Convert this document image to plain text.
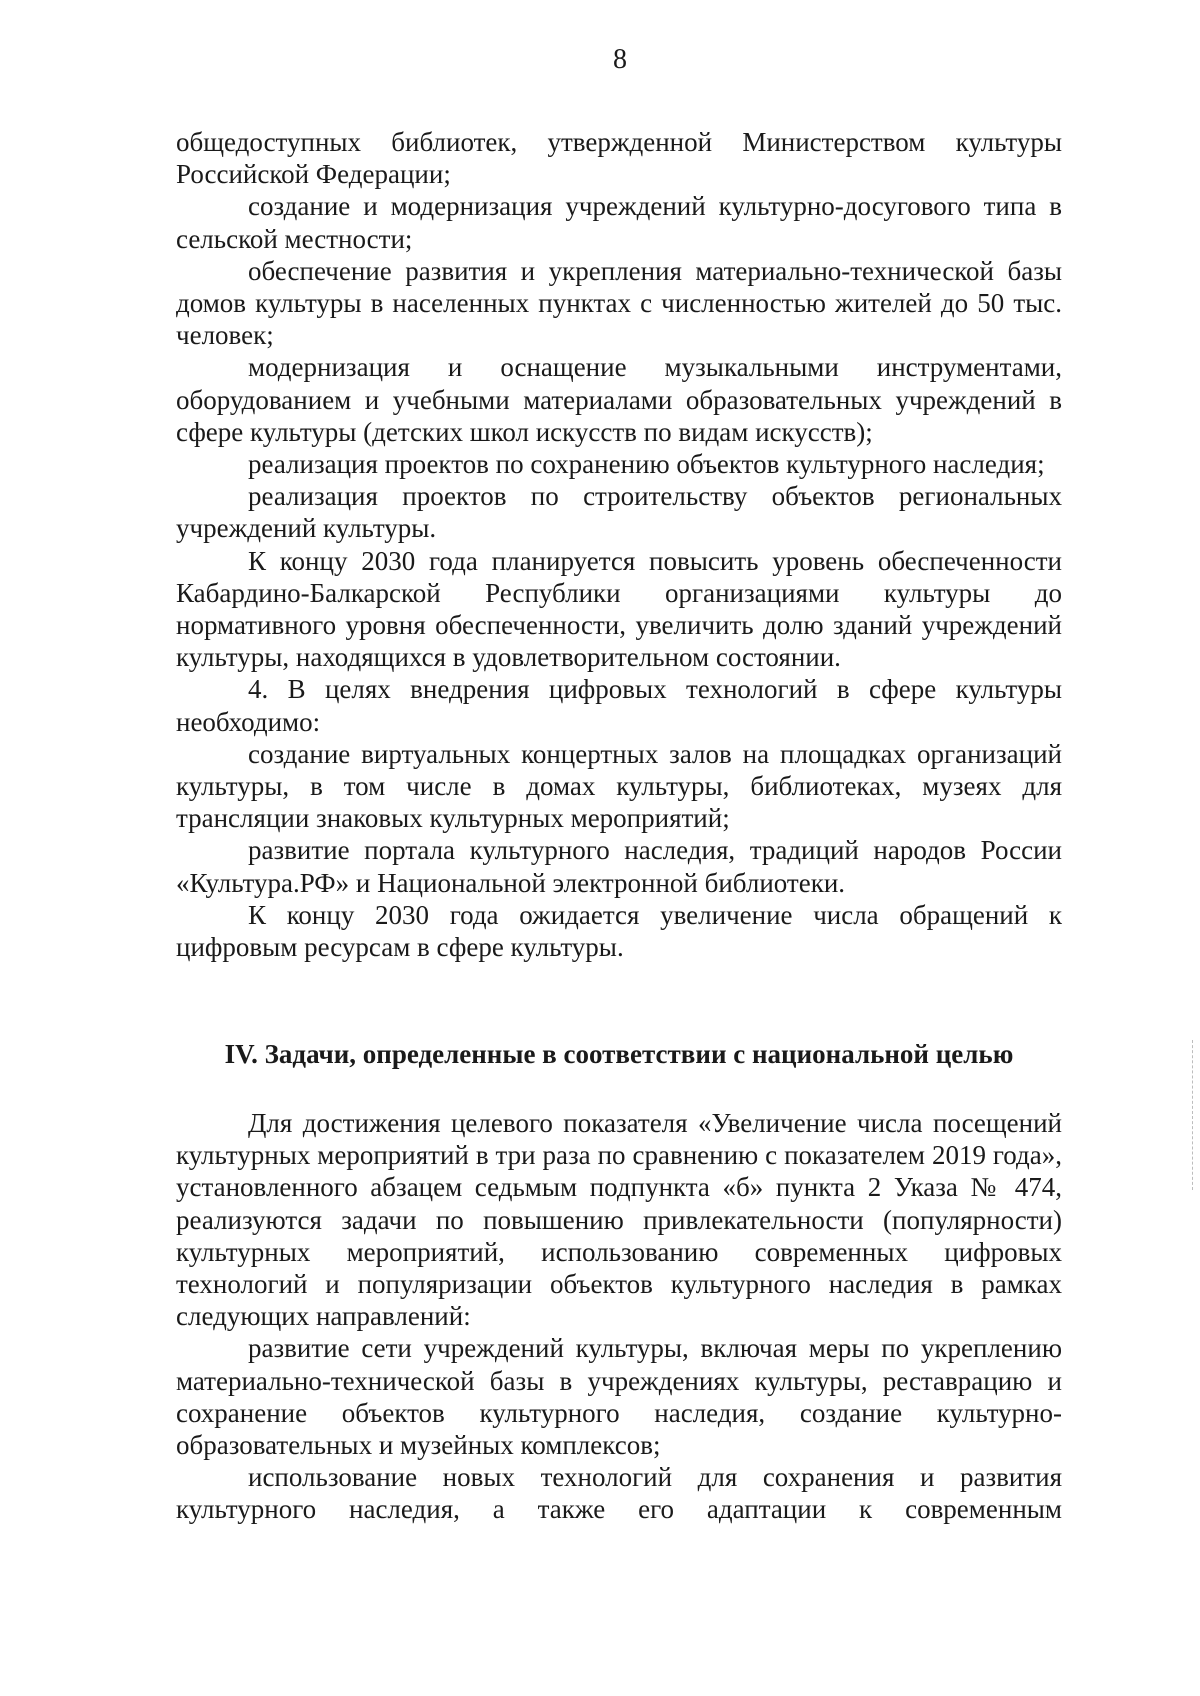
8

общедоступных библиотек, утвержденной Министерством культуры Российской Федерации;

создание и модернизация учреждений культурно-досугового типа в сельской местности;

обеспечение развития и укрепления материально-технической базы домов культуры в населенных пунктах с численностью жителей до 50 тыс. человек;

модернизация и оснащение музыкальными инструментами, оборудованием и учебными материалами образовательных учреждений в сфере культуры (детских школ искусств по видам искусств);

реализация проектов по сохранению объектов культурного наследия;

реализация проектов по строительству объектов региональных учреждений культуры.

К концу 2030 года планируется повысить уровень обеспеченности Кабардино-Балкарской Республики организациями культуры до нормативного уровня обеспеченности, увеличить долю зданий учреждений культуры, находящихся в удовлетворительном состоянии.

4. В целях внедрения цифровых технологий в сфере культуры необходимо:

создание виртуальных концертных залов на площадках организаций культуры, в том числе в домах культуры, библиотеках, музеях для трансляции знаковых культурных мероприятий;

развитие портала культурного наследия, традиций народов России «Культура.РФ» и Национальной электронной библиотеки.

К концу 2030 года ожидается увеличение числа обращений к цифровым ресурсам в сфере культуры.

IV. Задачи, определенные в соответствии с национальной целью

Для достижения целевого показателя «Увеличение числа посещений культурных мероприятий в три раза по сравнению с показателем 2019 года», установленного абзацем седьмым подпункта «б» пункта 2 Указа № 474, реализуются задачи по повышению привлекательности (популярности) культурных мероприятий, использованию современных цифровых технологий и популяризации объектов культурного наследия в рамках следующих направлений:

развитие сети учреждений культуры, включая меры по укреплению материально-технической базы в учреждениях культуры, реставрацию и сохранение объектов культурного наследия, создание культурно-образовательных и музейных комплексов;

использование новых технологий для сохранения и развития культурного наследия, а также его адаптации к современным
